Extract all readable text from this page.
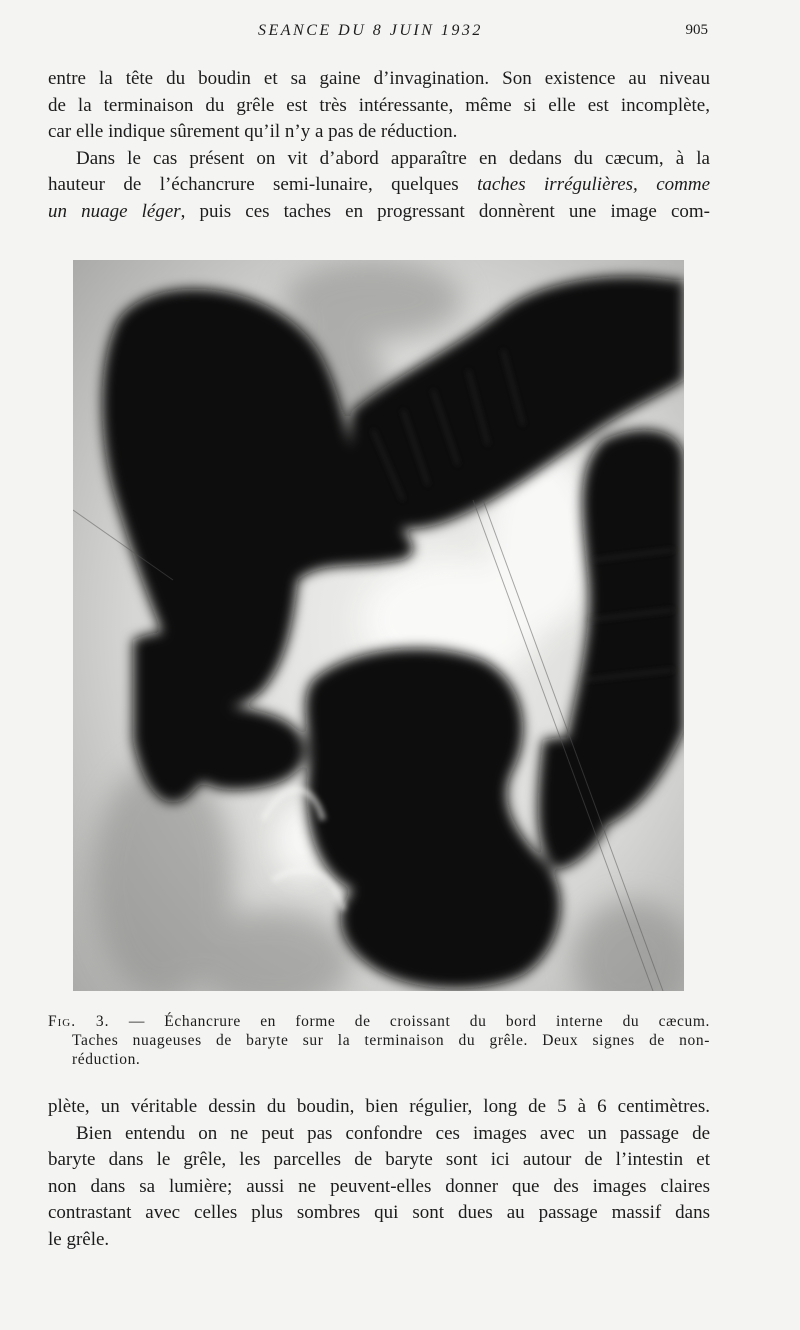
SEANCE DU 8 JUIN 1932	905

entre la tête du boudin et sa gaine d’invagination. Son existence au niveau

de la terminaison du grêle est très intéressante, même si elle est incomplète,

car elle indique sûrement qu’il n’y a pas de réduction.

Dans le cas présent on vit d’abord apparaître en dedans du cæcum, à la

hauteur de l’échancrure semi-lunaire, quelques taches irrégulières, comme

un nuage léger, puis ces taches en progressant donnèrent une image com-

Fig. 3. — Échancrure en forme de croissant du bord interne du cæcum.

Taches nuageuses de baryte sur la terminaison du grêle. Deux signes de non-

réduction.

plète, un véritable dessin du boudin, bien régulier, long de 5 à 6 centimètres.

Bien entendu on ne peut pas confondre ces images avec un passage de

baryte dans le grêle, les parcelles de baryte sont ici autour de l’intestin et

non dans sa lumière; aussi ne peuvent-elles donner que des images claires

contrastant avec celles plus sombres qui sont dues au passage massif dans

le grêle.
